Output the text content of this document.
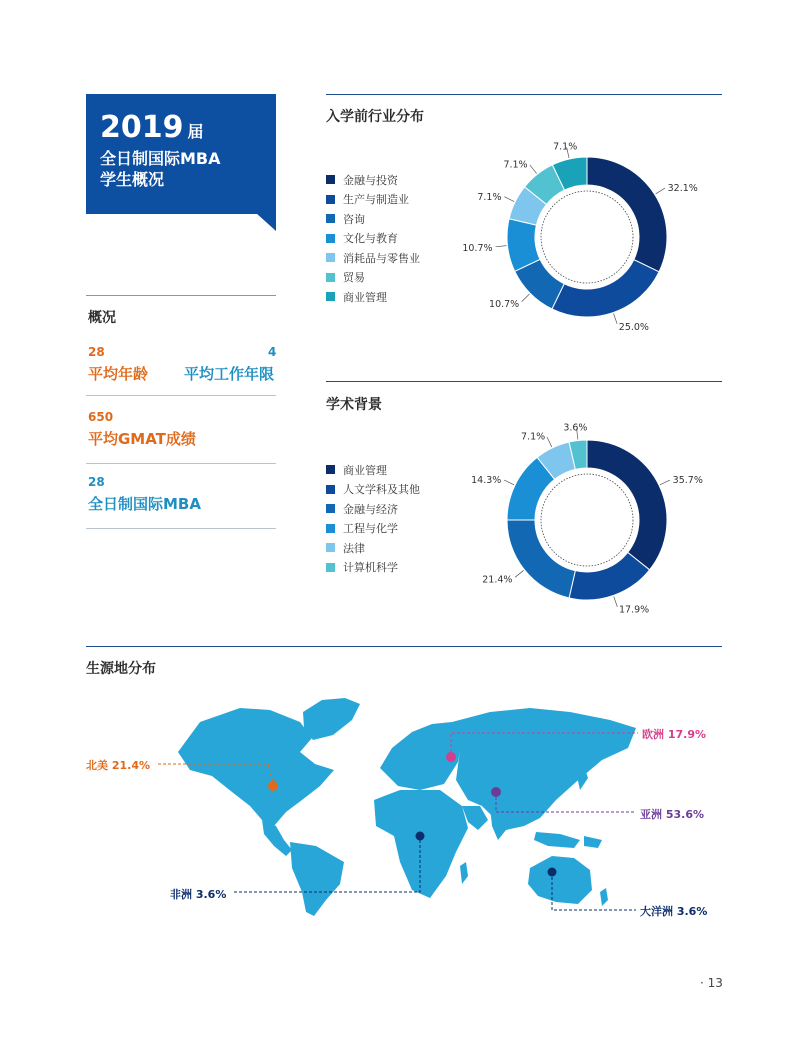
2019 届
全日制国际MBA
学生概况
概况
28
平均年龄
4
平均工作年限
650
平均GMAT成绩
28
全日制国际MBA
入学前行业分布
金融与投资
生产与制造业
咨询
文化与教育
消耗品与零售业
贸易
商业管理
32.1%
25.0%
10.7%
10.7%
7.1%
7.1%
7.1%
学术背景
商业管理
人文学科及其他
金融与经济
工程与化学
法律
计算机科学
35.7%
17.9%
21.4%
14.3%
7.1%
3.6%
生源地分布
北美 21.4%
欧洲 17.9%
亚洲 53.6%
非洲 3.6%
大洋洲 3.6%
· 13
